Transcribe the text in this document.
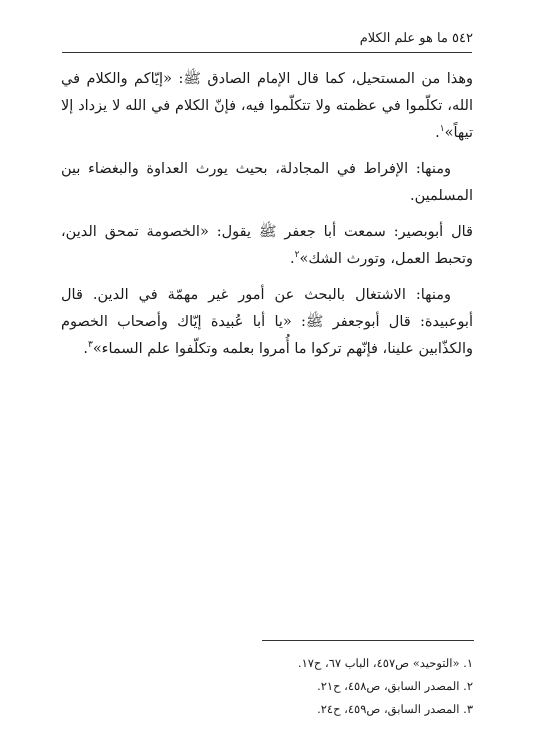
٥٤٢ ما هو علم الكلام

وهذا من المستحيل، كما قال الإمام الصادق ﷺ: «إيّاكم والكلام في الله، تكلّموا في عظمته ولا تتكلّموا فيه، فإنّ الكلام في الله لا يزداد إلا تيهاً»$^١$.

ومنها: الإفراط في المجادلة، بحيث يورث العداوة والبغضاء بين المسلمين.

قال أبوبصير: سمعت أبا جعفر ﷺ يقول: «الخصومة تمحق الدين، وتحبط العمل، وتورث الشك»$^٢$.

ومنها: الاشتغال بالبحث عن أمور غير مهمّة في الدين. قال أبوعبيدة: قال أبوجعفر ﷺ: «يا أبا عُبيدة إيّاك وأصحاب الخصوم والكذّابين علينا، فإنّهم تركوا ما أُمروا بعلمه وتكلّفوا علم السماء»$^٣$.

١. «التوحيد» ص٤٥٧، الباب ٦٧، ح١٧.
٢. المصدر السابق، ص٤٥٨، ح٢١.
٣. المصدر السابق، ص٤٥٩، ح٢٤.
